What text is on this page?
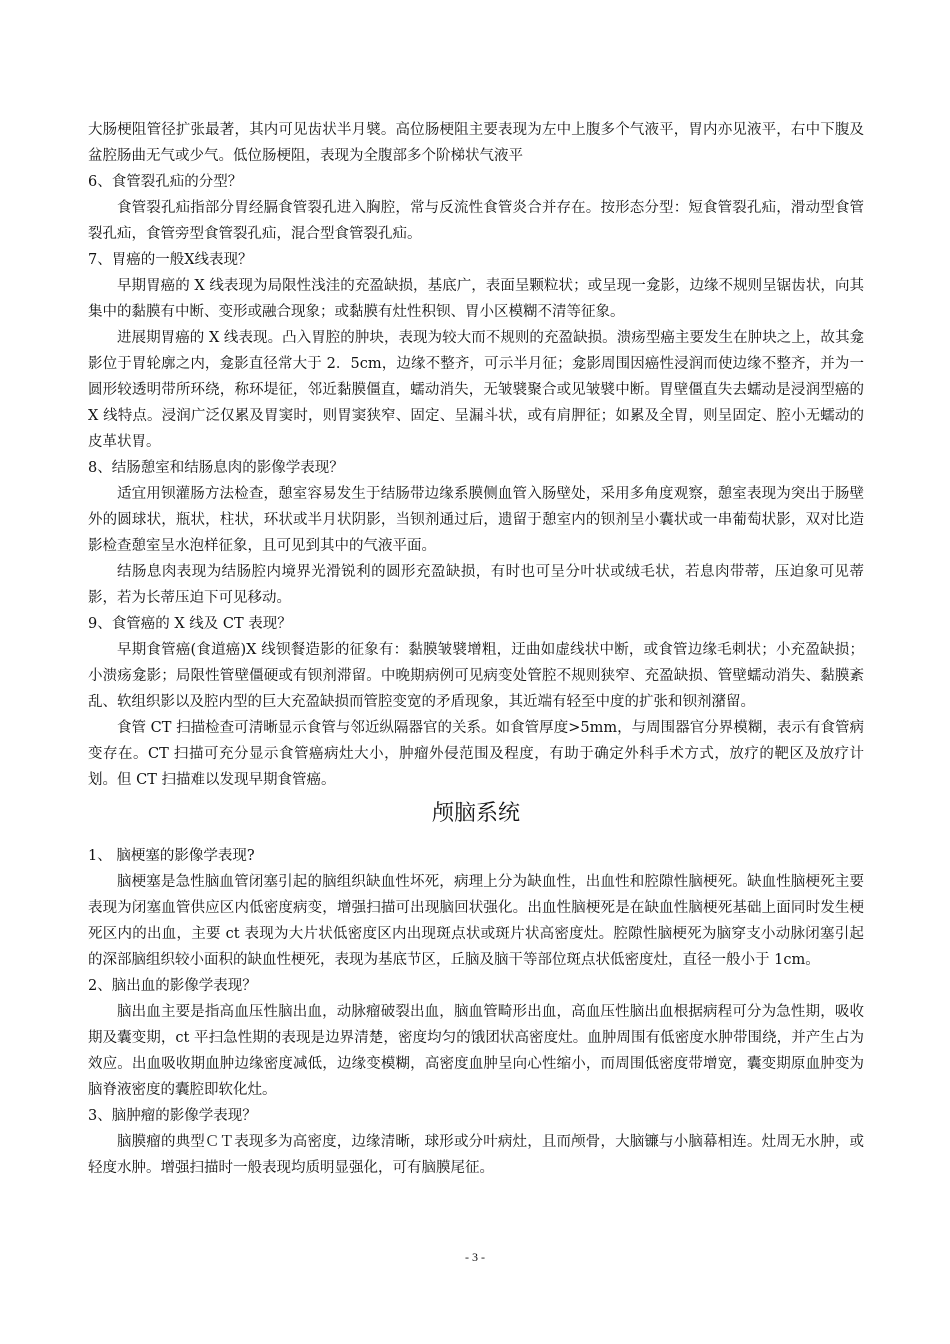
大肠梗阻管径扩张最著，其内可见齿状半月襞。高位肠梗阻主要表现为左中上腹多个气液平，胃内亦见液平，右中下腹及盆腔肠曲无气或少气。低位肠梗阻，表现为全腹部多个阶梯状气液平

6、食管裂孔疝的分型？

食管裂孔疝指部分胃经膈食管裂孔进入胸腔，常与反流性食管炎合并存在。按形态分型：短食管裂孔疝，滑动型食管裂孔疝，食管旁型食管裂孔疝，混合型食管裂孔疝。

7、胃癌的一般X线表现？

早期胃癌的 X 线表现为局限性浅洼的充盈缺损，基底广，表面呈颗粒状；或呈现一龛影，边缘不规则呈锯齿状，向其集中的黏膜有中断、变形或融合现象；或黏膜有灶性积钡、胃小区模糊不清等征象。

进展期胃癌的 X 线表现。凸入胃腔的肿块，表现为较大而不规则的充盈缺损。溃疡型癌主要发生在肿块之上，故其龛影位于胃轮廓之内，龛影直径常大于 2．5cm，边缘不整齐，可示半月征；龛影周围因癌性浸润而使边缘不整齐，并为一圆形较透明带所环绕，称环堤征，邻近黏膜僵直，蠕动消失，无皱襞聚合或见皱襞中断。胃壁僵直失去蠕动是浸润型癌的 X 线特点。浸润广泛仅累及胃窦时，则胃窦狭窄、固定、呈漏斗状，或有肩胛征；如累及全胃，则呈固定、腔小无蠕动的皮革状胃。

8、结肠憩室和结肠息肉的影像学表现？

适宜用钡灌肠方法检查，憩室容易发生于结肠带边缘系膜侧血管入肠壁处，采用多角度观察，憩室表现为突出于肠壁外的圆球状，瓶状，柱状，环状或半月状阴影，当钡剂通过后，遗留于憩室内的钡剂呈小囊状或一串葡萄状影，双对比造影检查憩室呈水泡样征象，且可见到其中的气液平面。

结肠息肉表现为结肠腔内境界光滑锐利的圆形充盈缺损，有时也可呈分叶状或绒毛状，若息肉带蒂，压迫象可见蒂影，若为长蒂压迫下可见移动。

9、食管癌的 X 线及 CT 表现？

早期食管癌(食道癌)X 线钡餐造影的征象有：黏膜皱襞增粗，迂曲如虚线状中断，或食管边缘毛刺状；小充盈缺损；小溃疡龛影；局限性管壁僵硬或有钡剂滞留。中晚期病例可见病变处管腔不规则狭窄、充盈缺损、管壁蠕动消失、黏膜紊乱、软组织影以及腔内型的巨大充盈缺损而管腔变宽的矛盾现象，其近端有轻至中度的扩张和钡剂潴留。

食管 CT 扫描检查可清晰显示食管与邻近纵隔器官的关系。如食管厚度>5mm，与周围器官分界模糊，表示有食管病变存在。CT 扫描可充分显示食管癌病灶大小，肿瘤外侵范围及程度，有助于确定外科手术方式，放疗的靶区及放疗计划。但 CT 扫描难以发现早期食管癌。

颅脑系统

1、 脑梗塞的影像学表现?

脑梗塞是急性脑血管闭塞引起的脑组织缺血性坏死，病理上分为缺血性，出血性和腔隙性脑梗死。缺血性脑梗死主要表现为闭塞血管供应区内低密度病变，增强扫描可出现脑回状强化。出血性脑梗死是在缺血性脑梗死基础上面同时发生梗死区内的出血，主要 ct 表现为大片状低密度区内出现斑点状或斑片状高密度灶。腔隙性脑梗死为脑穿支小动脉闭塞引起的深部脑组织较小面积的缺血性梗死，表现为基底节区，丘脑及脑干等部位斑点状低密度灶，直径一般小于 1cm。

2、脑出血的影像学表现？

脑出血主要是指高血压性脑出血，动脉瘤破裂出血，脑血管畸形出血，高血压性脑出血根据病程可分为急性期，吸收期及囊变期，ct 平扫急性期的表现是边界清楚，密度均匀的饿团状高密度灶。血肿周围有低密度水肿带围绕，并产生占为效应。出血吸收期血肿边缘密度减低，边缘变模糊，高密度血肿呈向心性缩小，而周围低密度带增宽，囊变期原血肿变为脑脊液密度的囊腔即软化灶。

3、脑肿瘤的影像学表现？

脑膜瘤的典型ＣＴ表现多为高密度，边缘清晰，球形或分叶病灶，且而颅骨，大脑镰与小脑幕相连。灶周无水肿，或轻度水肿。增强扫描时一般表现均质明显强化，可有脑膜尾征。

- 3 -
